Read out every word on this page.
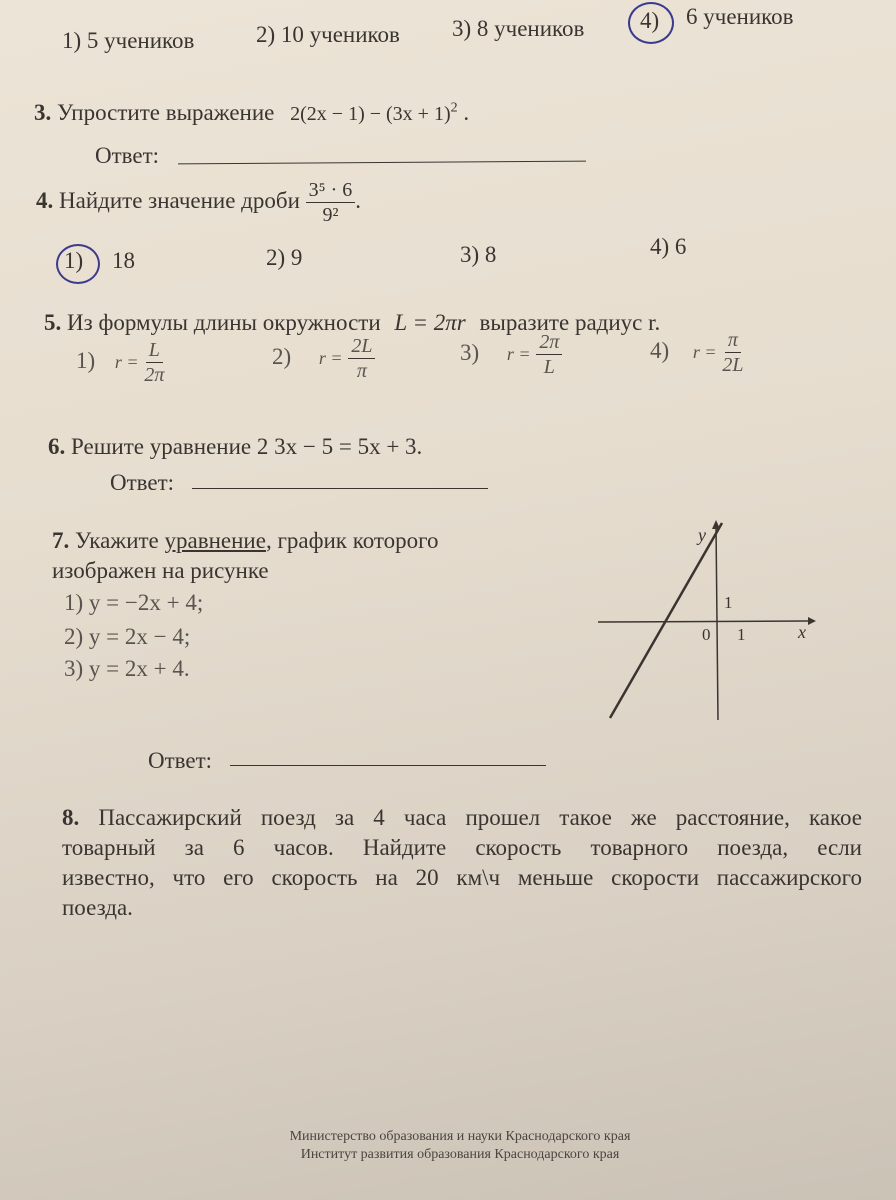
1) 5 учеников	2) 10 учеников 3) 8 учеников 4) 6 учеников
3. Упростите выражение $2(2x - 1) - (3x + 1)^2$ .
Ответ:
4. Найдите значение дроби $\frac{\text{3⁵ · 6}}{\text{9²}}$ .
1) 18	2) 9	3) 8	4) 6
5. Из формулы длины окружности L = 2πr выразите радиус r.
1) $r = \frac{L}{2\pi}$	2) $r = \frac{2L}{\pi}$	3) $r = \frac{2\pi}{L}$	4) $r = \frac{\pi}{2L}$
6. Решите уравнение 2 3x − 5 = 5x + 3.
Ответ:
7. Укажите уравнение, график которого
изображен на рисунке
1) y = −2x + 4;
2) y = 2x − 4;
3) y = 2x + 4.
Ответ:
y
x
0 1
1
8. Пассажирский поезд за 4 часа прошел такое же расстояние, какое
товарный за 6 часов. Найдите скорость товарного поезда, если
известно, что его скорость на 20 км\ч меньше скорости пассажирского
поезда.
Министерство образования и науки Краснодарского края
Институт развития образования Краснодарского края
